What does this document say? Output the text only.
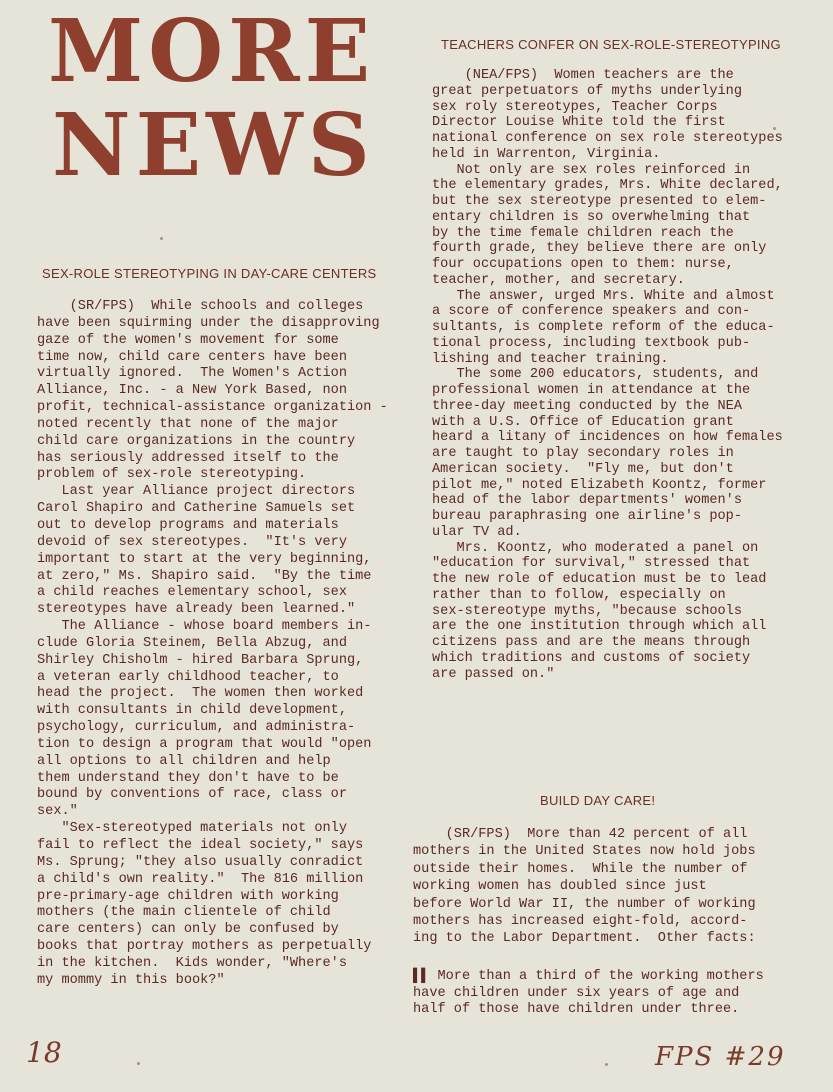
MORE
NEWS
TEACHERS CONFER ON SEX-ROLE-STEREOTYPING
(NEA/FPS)  Women teachers are the
great perpetuators of myths underlying
sex roly stereotypes, Teacher Corps
Director Louise White told the first
national conference on sex role stereotypes
held in Warrenton, Virginia.
Not only are sex roles reinforced in
the elementary grades, Mrs. White declared,
but the sex stereotype presented to elem-
entary children is so overwhelming that
by the time female children reach the
fourth grade, they believe there are only
four occupations open to them: nurse,
teacher, mother, and secretary.
The answer, urged Mrs. White and almost
a score of conference speakers and con-
sultants, is complete reform of the educa-
tional process, including textbook pub-
lishing and teacher training.
The some 200 educators, students, and
professional women in attendance at the
three-day meeting conducted by the NEA
with a U.S. Office of Education grant
heard a litany of incidences on how females
are taught to play secondary roles in
American society.  "Fly me, but don't
pilot me," noted Elizabeth Koontz, former
head of the labor departments' women's
bureau paraphrasing one airline's pop-
ular TV ad.
Mrs. Koontz, who moderated a panel on
"education for survival," stressed that
the new role of education must be to lead
rather than to follow, especially on
sex-stereotype myths, "because schools
are the one institution through which all
citizens pass and are the means through
which traditions and customs of society
are passed on."
SEX-ROLE STEREOTYPING IN DAY-CARE CENTERS
(SR/FPS)  While schools and colleges
have been squirming under the disapproving
gaze of the women's movement for some
time now, child care centers have been
virtually ignored.  The Women's Action
Alliance, Inc. - a New York Based, non
profit, technical-assistance organization -
noted recently that none of the major
child care organizations in the country
has seriously addressed itself to the
problem of sex-role stereotyping.
Last year Alliance project directors
Carol Shapiro and Catherine Samuels set
out to develop programs and materials
devoid of sex stereotypes.  "It's very
important to start at the very beginning,
at zero," Ms. Shapiro said.  "By the time
a child reaches elementary school, sex
stereotypes have already been learned."
The Alliance - whose board members in-
clude Gloria Steinem, Bella Abzug, and
Shirley Chisholm - hired Barbara Sprung,
a veteran early childhood teacher, to
head the project.  The women then worked
with consultants in child development,
psychology, curriculum, and administra-
tion to design a program that would "open
all options to all children and help
them understand they don't have to be
bound by conventions of race, class or
sex."
"Sex-stereotyped materials not only
fail to reflect the ideal society," says
Ms. Sprung; "they also usually conradict
a child's own reality."  The 816 million
pre-primary-age children with working
mothers (the main clientele of child
care centers) can only be confused by
books that portray mothers as perpetually
in the kitchen.  Kids wonder, "Where's
my mommy in this book?"
BUILD DAY CARE!
(SR/FPS)  More than 42 percent of all
mothers in the United States now hold jobs
outside their homes.  While the number of
working women has doubled since just
before World War II, the number of working
mothers has increased eight-fold, accord-
ing to the Labor Department.  Other facts:
▌▌ More than a third of the working mothers
have children under six years of age and
half of those have children under three.
18	FPS #29
